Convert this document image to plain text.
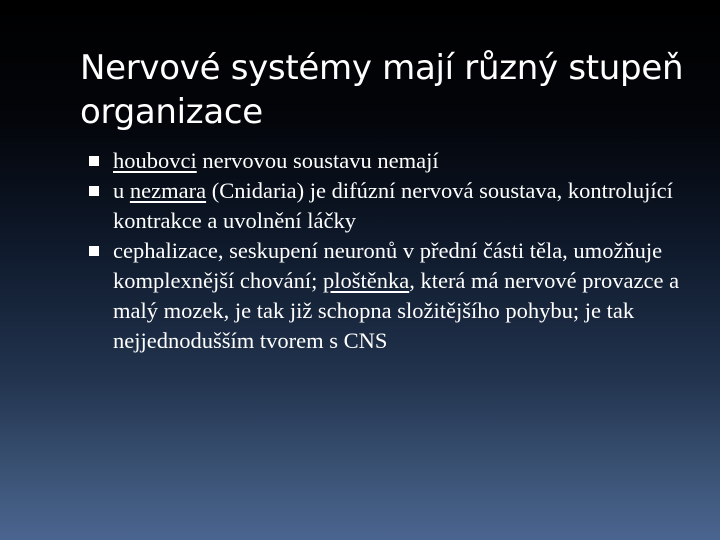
Nervové systémy mají různý stupeň
organizace
houbovci nervovou soustavu nemají
u nezmara (Cnidaria) je difúzní nervová soustava, kontrolující kontrakce a uvolnění láčky
cephalizace, seskupení neuronů v přední části těla, umožňuje komplexnější chování; ploštěnka, která má nervové provazce a malý mozek, je tak již schopna složitějšího pohybu; je tak nejjednodušším tvorem s CNS
